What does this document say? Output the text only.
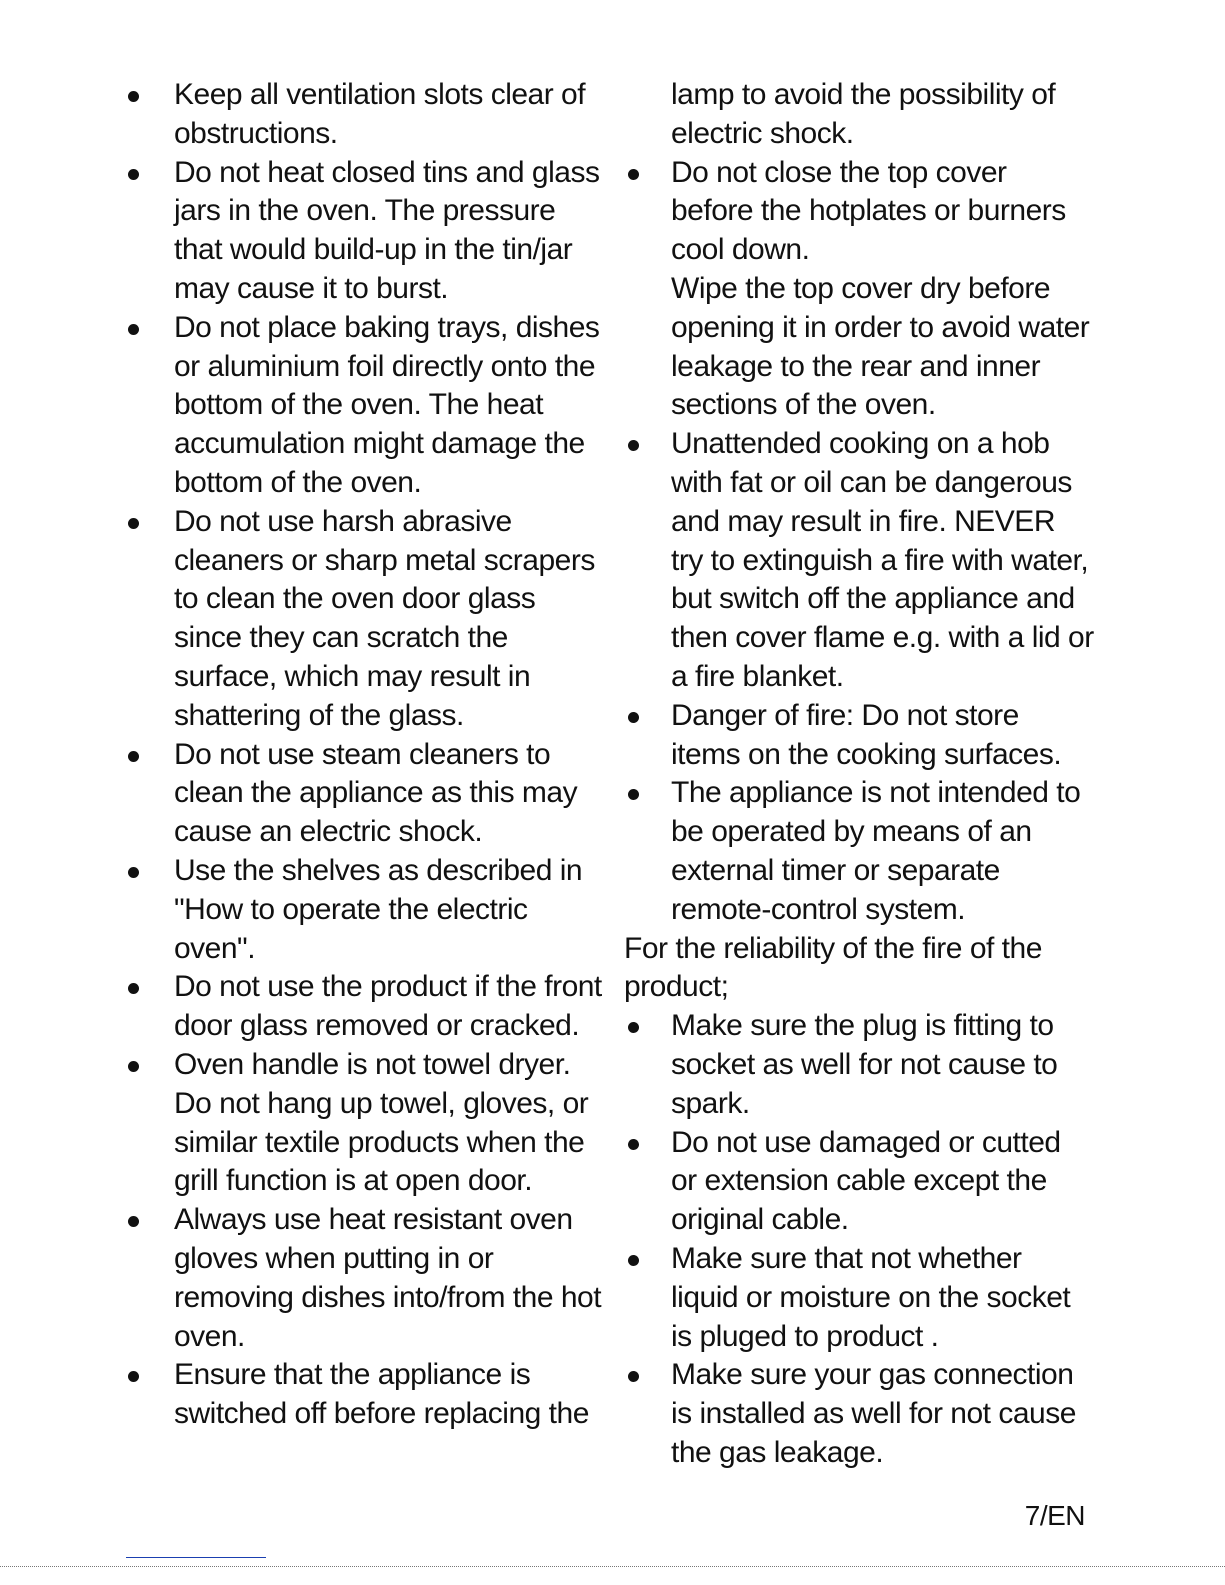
Keep all ventilation slots clear of obstructions.
Do not heat closed tins and glass jars in the oven. The pressure that would build-up in the tin/jar may cause it to burst.
Do not place baking trays, dishes or aluminium foil directly onto the bottom of the oven. The heat accumulation might damage the bottom of the oven.
Do not use harsh abrasive cleaners or sharp metal scrapers to clean the oven door glass since they can scratch the surface, which may result in shattering of the glass.
Do not use steam cleaners to clean the appliance as this may cause an electric shock.
Use the shelves as described in "How to operate the electric oven".
Do not use the product if the front door glass removed or cracked.
Oven handle is not towel dryer. Do not hang up towel, gloves, or similar textile products when the grill function is at open door.
Always use heat resistant oven gloves when putting in or removing dishes into/from the hot oven.
Ensure that the appliance is switched off before replacing the

lamp to avoid the possibility of electric shock.

Do not close the top cover before the hotplates or burners cool down.
Wipe the top cover dry before opening it in order to avoid water leakage to the rear and inner sections of the oven.
Unattended cooking on a hob with fat or oil can be dangerous and may result in fire. NEVER try to extinguish a fire with water, but switch off the appliance and then cover flame e.g. with a lid or a fire blanket.
Danger of fire: Do not store items on the cooking surfaces.
The appliance is not intended to be operated by means of an external timer or separate remote-control system.

For the reliability of the fire of the product;

Make sure the plug is fitting to socket as well for not cause to spark.
Do not use damaged or cutted or extension cable except the original cable.
Make sure that not whether liquid or moisture on the socket is pluged to product .
Make sure your gas connection is installed as well for not cause the gas leakage.
7/EN
